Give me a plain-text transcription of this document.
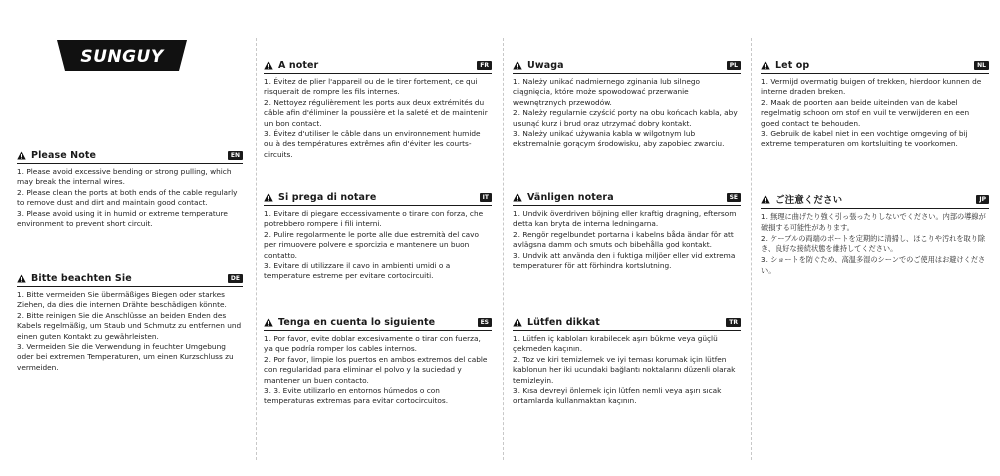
SUNGUY
Please Note	EN

1. Please avoid excessive bending or strong pulling, which may break the internal wires.

2. Please clean the ports at both ends of the cable regularly to remove dust and dirt and maintain good contact.

3. Please avoid using it in humid or extreme temperature environment to prevent short circuit.

Bitte beachten Sie	DE

1. Bitte vermeiden Sie übermäßiges Biegen oder starkes Ziehen, da dies die internen Drähte beschädigen könnte.

2. Bitte reinigen Sie die Anschlüsse an beiden Enden des Kabels regelmäßig, um Staub und Schmutz zu entfernen und einen guten Kontakt zu gewährleisten.

3. Vermeiden Sie die Verwendung in feuchter Umgebung oder bei extremen Temperaturen, um einen Kurzschluss zu vermeiden.

A noter	FR

1. Évitez de plier l'appareil ou de le tirer fortement, ce qui risquerait de rompre les fils internes.

2. Nettoyez régulièrement les ports aux deux extrémités du câble afin d'éliminer la poussière et la saleté et de maintenir un bon contact.

3. Évitez d'utiliser le câble dans un environnement humide ou à des températures extrêmes afin d'éviter les courts-circuits.

Si prega di notare	IT

1. Evitare di piegare eccessivamente o tirare con forza, che potrebbero rompere i fili interni.

2. Pulire regolarmente le porte alle due estremità del cavo per rimuovere polvere e sporcizia e mantenere un buon contatto.

3. Evitare di utilizzare il cavo in ambienti umidi o a temperature estreme per evitare cortocircuiti.

Tenga en cuenta lo siguiente	ES

1. Por favor, evite doblar excesivamente o tirar con fuerza, ya que podría romper los cables internos.

2. Por favor, limpie los puertos en ambos extremos del cable con regularidad para eliminar el polvo y la suciedad y mantener un buen contacto.

3. 3. Evite utilizarlo en entornos húmedos o con temperaturas extremas para evitar cortocircuitos.

Uwaga	PL

1. Należy unikać nadmiernego zginania lub silnego ciągnięcia, które może spowodować przerwanie wewnętrznych przewodów.

2. Należy regularnie czyścić porty na obu końcach kabla, aby usunąć kurz i brud oraz utrzymać dobry kontakt.

3. Należy unikać używania kabla w wilgotnym lub ekstremalnie gorącym środowisku, aby zapobiec zwarciu.

Vänligen notera	SE

1. Undvik överdriven böjning eller kraftig dragning, eftersom detta kan bryta de interna ledningarna.

2. Rengör regelbundet portarna i kabelns båda ändar för att avlägsna damm och smuts och bibehålla god kontakt.

3. Undvik att använda den i fuktiga miljöer eller vid extrema temperaturer för att förhindra kortslutning.

Lütfen dikkat	TR

1. Lütfen iç kabloları kırabilecek aşırı bükme veya güçlü çekmeden kaçının.

2. Toz ve kiri temizlemek ve iyi teması korumak için lütfen kablonun her iki ucundaki bağlantı noktalarını düzenli olarak temizleyin.

3. Kısa devreyi önlemek için lütfen nemli veya aşırı sıcak ortamlarda kullanmaktan kaçının.

Let op	NL

1. Vermijd overmatig buigen of trekken, hierdoor kunnen de interne draden breken.

2. Maak de poorten aan beide uiteinden van de kabel regelmatig schoon om stof en vuil te verwijderen en een goed contact te behouden.

3. Gebruik de kabel niet in een vochtige omgeving of bij extreme temperaturen om kortsluiting te voorkomen.

ご注意ください	JP

1. 無理に曲げたり強く引っ張ったりしないでください。内部の導線が破損する可能性があります。

2. ケーブルの両端のポートを定期的に清掃し、ほこりや汚れを取り除き、良好な接続状態を維持してください。

3. ショートを防ぐため、高温多湿のシーンでのご使用はお避けください。
